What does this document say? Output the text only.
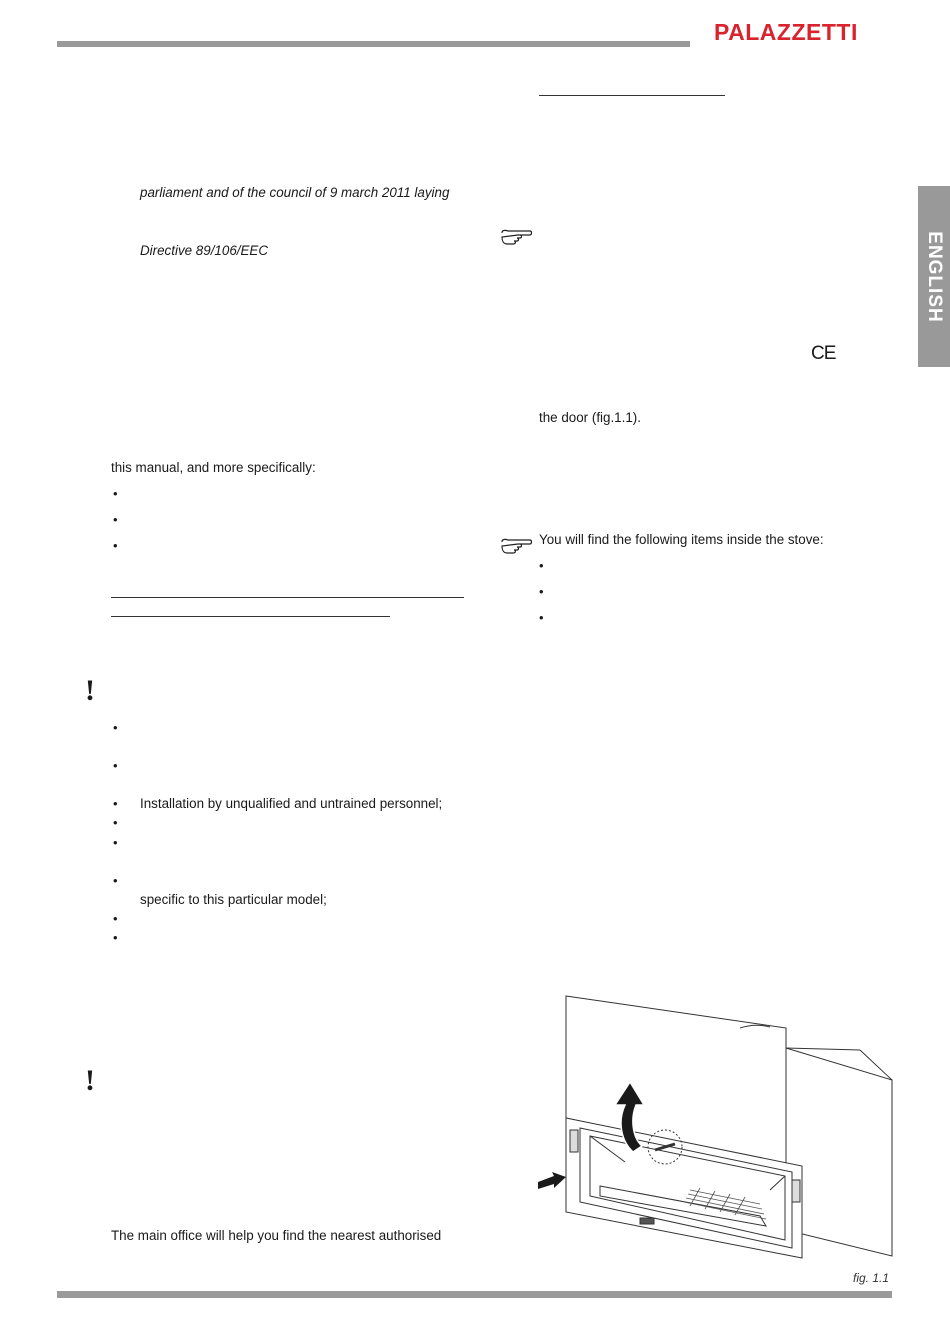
PALAZZETTI
ENGLISH
parliament and of the council of 9 march 2011 laying
Directive 89/106/EEC
this manual, and more specifically:
•
•
•
!
•
•
• Installation by unqualified and untrained personnel;
•
•
•
specific to this particular model;
•
•
!
The main office will help you find the nearest authorised
CE
the door (fig.1.1).
You will find the following items inside the stove:
•
•
•
fig. 1.1
